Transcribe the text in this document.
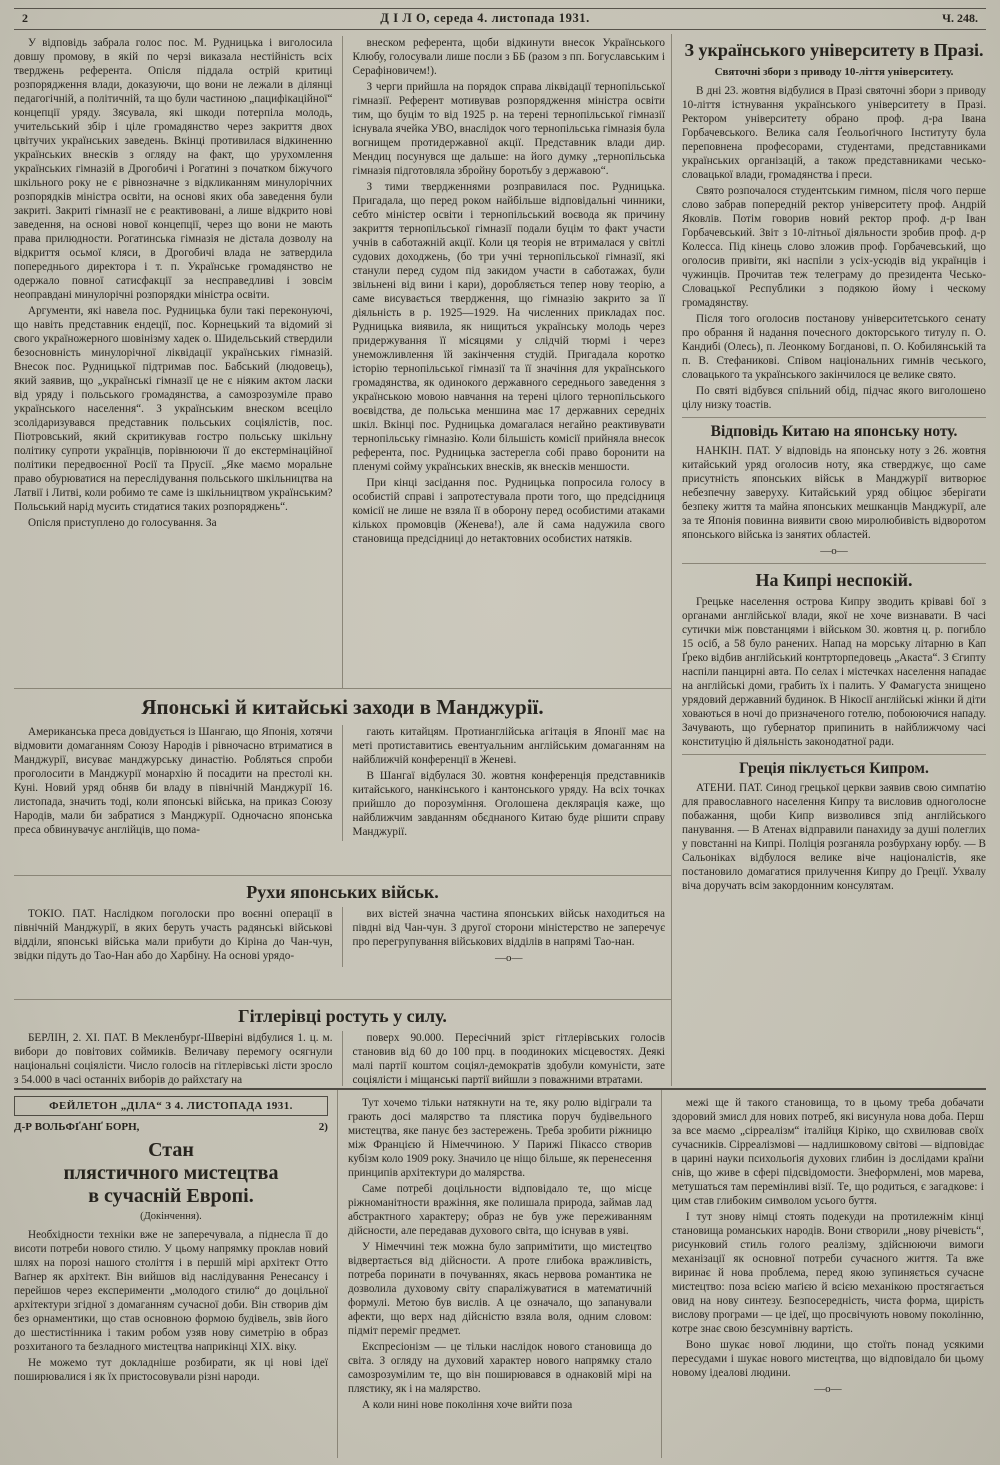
2	Д І Л О, середа 4. листопада 1931.	Ч. 248.

У відповідь забрала голос пос. М. Рудницька і виголосила довшу промову, в якій по черзі виказала нестійність всіх тверджень референта. Опісля піддала острій критиці розпорядження влади, доказуючи, що вони не лежали в ділянці педагогічній, а політичній, та що були частиною „пацифікаційної“ концепції уряду. Зясувала, які шкоди потерпіла молодь, учительський збір і ціле громадянство через закриття двох цвітучих українських заведень. Вкінці противилася відкиненню українських внесків з огляду на факт, що урухомлення українських гімназій в Дрогобичі і Рогатині з початком біжучого шкільного року не є рівнозначне з відкликанням минулорічних розпорядків міністра освіти, на основі яких оба заведення були закриті. Закриті гімназії не є реактивовані, а лише відкрито нові заведення, на основі нової концепції, через що вони не мають права прилюдности. Рогатинська гімназія не дістала дозволу на відкриття осьмої кляси, в Дрогобичі влада не затвердила попереднього директора і т. п. Українське громадянство не одержало повної сатисфакції за несправедливі і зовсім неоправдані минулорічні розпорядки міністра освіти.

Аргументи, які навела пос. Рудницька були такі переконуючі, що навіть представник ендеції, пос. Корнецький та відомий зі свого україножерного шовінізму хадек о. Шидельський ствердили безосновність минулорічної ліквідації українських гімназій. Внесок пос. Рудницької підтримав пос. Бабський (людовець), який заявив, що „українські гімназії це не є ніяким актом ласки від уряду і польського громадянства, а самозрозуміле право українського населення“. З українським внеском всеціло зсолідаризувався представник польських соціялістів, пос. Піотровський, який скритикував гостро польську шкільну політику супроти українців, порівнюючи її до екстермінаційної політики передвоєнної Росії та Прусії. „Яке маємо моральне право обурюватися на переслідування польського шкільництва на Латвії і Литві, коли робимо те саме із шкільництвом українським? Польський нарід мусить стидатися таких розпоряджень“.

Опісля приступлено до голосування. За

внеском референта, щоби відкинути внесок Українського Клюбу, голосували лише посли з ББ (разом з пп. Богуславським і Серафіновичем!).

З черги прийшла на порядок справа ліквідації тернопільської гімназії. Референт мотивував розпорядження міністра освіти тим, що буцім то від 1925 р. на терені тернопільської гімназії існувала ячейка УВО, внаслідок чого тернопільська гімназія була вогнищем протидержавної акції. Представник влади дир. Мендиц посунувся ще дальше: на його думку „тернопільська гімназія підготовляла збройну боротьбу з державою“.

З тими твердженнями розправилася пос. Рудницька. Пригадала, що перед роком найбільше відповідальні чинники, себто міністер освіти і тернопільський воєвода як причину закриття тернопільської гімназії подали буцім то факт участи учнів в саботажній акції. Коли ця теорія не втрималася у світлі судових доходжень, (бо три учні тернопільської гімназії, які станули перед судом під закидом участи в саботажах, були звільнені від вини і кари), доробляється тепер нову теорію, а саме висувається твердження, що гімназію закрито за її діяльність в р. 1925—1929. На численних прикладах пос. Рудницька виявила, як нищиться українську молодь через придержування її місяцями у слідчій тюрмі і через унеможливлення їй закінчення студій. Пригадала коротко історію тернопільської гімназії та її значіння для українського громадянства, як одинокого державного середнього заведення з українською мовою навчання на терені цілого тернопільського воєвідства, де польська меншина має 17 державних середніх шкіл. Вкінці пос. Рудницька домагалася негайно реактивувати тернопільську гімназію. Коли більшість комісії прийняла внесок референта, пос. Рудницька застерегла собі право боронити на пленумі сойму українських внесків, як внесків меншости.

При кінці засідання пос. Рудницька попросила голосу в особистій справі і запротестувала проти того, що предсідниця комісії не лише не взяла її в оборону перед особистими атаками кількох промовців (Женева!), але й сама надужила свого становища предсідниці до нетактовних особистих натяків.

Японські й китайські заходи в Манджурії.

Американська преса довідується із Шангаю, що Японія, хотячи відмовити домаганням Союзу Народів і рівночасно втриматися в Манджурії, висуває манджурську династію. Робляться спроби проголосити в Манджурії монархію й посадити на престолі кн. Куні. Новий уряд обняв би владу в північній Манджурії 16. листопада, значить тоді, коли японські війська, на приказ Союзу Народів, мали би забратися з Манджурії. Одночасно японська преса обвинувачує англійців, що пома-

гають китайцям. Протианглійська агітація в Японії має на меті протиставитись евентуальним англійським домаганням на найближчій конференції в Женеві.

В Шангаї відбулася 30. жовтня конференція представників китайського, нанкінського і кантонського уряду. На всіх точках прийшло до порозуміння. Оголошена деклярація каже, що найближчим завданням обєднаного Китаю буде рішити справу Манджурії.

Рухи японських військ.

ТОКІО. ПАТ. Наслідком поголоски про воєнні операції в північній Манджурії, в яких беруть участь радянські військові відділи, японські війська мали прибути до Кіріна до Чан-чун, звідки підуть до Тао-Нан або до Харбіну. На основі урядо-

вих вістей значна частина японських військ находиться на півдні від Чан-чун. З другої сторони міністерство не заперечує про перегрупування військових відділів в напрямі Тао-нан.

—о—

Гітлерівці ростуть у силу.

БЕРЛІН, 2. XI. ПАТ. В Мекленбурґ-Шверіні відбулися 1. ц. м. вибори до повітових соймиків. Величаву перемогу осягнули національні соціялісти. Число голосів на гітлерівські лісти зросло з 54.000 в часі останніх виборів до райхстаґу на

поверх 90.000. Пересічний зріст гітлерівських голосів становив від 60 до 100 прц. в поодиноких місцевостях. Деякі малі партії коштом соціял-демократів здобули комуністи, зате соціялісти і міщанські партії вийшли з поважними втратами.

З українського університету в Празі.

Святочні збори з приводу 10-ліття університету.

В дні 23. жовтня відбулися в Празі святочні збори з приводу 10-ліття істнування українського університету в Празі. Ректором університету обрано проф. д-ра Івана Горбачевського. Велика саля Ґеольоґічного Інституту була переповнена професорами, студентами, представниками українських організацій, а також представниками чесько-словацької влади, громадянства і преси.

Свято розпочалося студентським гимном, після чого перше слово забрав попередній ректор університету проф. Андрій Яковлів. Потім говорив новий ректор проф. д-р Іван Горбачевський. Звіт з 10-літньої діяльности зробив проф. д-р Колесса. Під кінець слово зложив проф. Горбачевський, що оголосив привіти, які наспіли з усіх-усюдів від українців і чужинців. Прочитав теж телеграму до президента Чесько-Словацької Республики з подякою йому і ческому громадянству.

Після того оголосив постанову університетського сенату про обрання й надання почесного докторського титулу п. О. Кандибі (Олесь), п. Леонкому Богданові, п. О. Кобилянській та п. В. Стефаникові. Співом національних гимнів чеського, словацького та українського закінчилося це велике свято.

По святі відбувся спільний обід, підчас якого виголошено цілу низку тоастів.

Відповідь Китаю на японську ноту.

НАНКІН. ПАТ. У відповідь на японську ноту з 26. жовтня китайський уряд оголосив ноту, яка стверджує, що саме присутність японських військ в Манджурії витворює небезпечну заверуху. Китайський уряд обіцює зберігати безпеку життя та майна японських мешканців Манджурії, але за те Японія повинна виявити свою миролюбивість відворотом японського війська із занятих областей.

—о—

На Кипрі неспокій.

Грецьке населення острова Кипру зводить кріваві бої з органами англійської влади, якої не хоче визнавати. В часі сутички між повстанцями і військом 30. жовтня ц. р. погибло 15 осіб, а 58 було ранених. Напад на морську літарню в Кап Ґреко відбив англійський контрторпедовець „Акаста“. З Єгипту наспіли панцирні авта. По селах і містечках населення нападає на англійські доми, грабить їх і палить. У Фамагуста знищено урядовий державний будинок. В Нікосії англійські жінки й діти ховаються в ночі до призначеного готелю, побоюючися нападу. Зачувають, що ґубернатор припинить в найближчому часі конституцію й діяльність законодатної ради.

Греція піклується Кипром.

АТЕНИ. ПАТ. Синод грецької церкви заявив свою симпатію для православного населення Кипру та висловив одноголосне побажання, щоби Кипр визволився зпід англійського панування. — В Атенах відправили панахиду за душі полеглих у повстанні на Кипрі. Поліція розганяла розбурхану юрбу. — В Сальоніках відбулося велике віче націоналістів, яке постановило домагатися прилучення Кипру до Греції. Ухвалу віча доручать всім закордонним консулятам.

ФЕЙЛЕТОН „ДІЛА“ З 4. ЛИСТОПАДА 1931.
Д-Р ВОЛЬФҐАНҐ БОРН,	2)
Стан
плястичного мистецтва
в сучасній Европі.

(Докінчення).

Необхідности техніки вже не заперечувала, а піднесла її до висоти потреби нового стилю. У цьому напрямку проклав новий шлях на порозі нашого століття і в першій мірі архітект Отто Ваґнер як архітект. Він вийшов від наслідування Ренесансу і перейшов через експерименти „молодого стилю“ до доцільної архітектури згідної з домаганням сучасної доби. Він створив дім без орнаментики, що став основною формою будівель, звів його до шестистінника і таким робом узяв нову симетрію в образ розхитаного та безладного мистецтва наприкінці XIX. віку.

Не можемо тут докладніше розбирати, як ці нові ідеї поширювалися і як їх пристосовували різні народи.

Тут хочемо тільки натякнути на те, яку ролю відіграли та грають досі малярство та плястика поруч будівельного мистецтва, яке панує без застережень. Треба зробити ріжницю між Францією й Німеччиною. У Парижі Пікассо створив кубізм коло 1909 року. Значило це ніщо більше, як перенесення принципів архітектури до малярства.

Саме потребі доцільности відповідало те, що місце ріжноманітности вражіння, яке полишала природа, займав лад абстрактного характеру; образ не був уже переживанням дійсности, але передавав духового світа, що існував в уяві.

У Німеччині теж можна було запримітити, що мистецтво відвертається від дійсности. А проте глибока вражливість, потреба поринати в почуваннях, якась нервова романтика не дозволила духовому світу спараліжуватися в математичній формулі. Метою був вислів. А це означало, що запанували афекти, що верх над дійсністю взяла воля, одним словом: підміт переміг предмет.

Експресіонізм — це тільки наслідок нового становища до світа. З огляду на духовий характер нового напрямку стало самозрозумілим те, що він поширювався в однаковій мірі на плястику, як і на малярство.

А коли нині нове покоління хоче вийти поза

межі ще й такого становища, то в цьому треба добачати здоровий змисл для нових потреб, які висунула нова доба. Перш за все маємо „сірреалізм“ італійця Кіріко, що схвилював своїх сучасників. Сірреалізмові — надлишковому світові — відповідає в царині науки психольоґія духових глибин із дослідами країни снів, що живе в сфері підсвідомости. Знеформлені, мов марева, метушаться там перемінливі візії. Те, що родиться, є загадкове: і цим став глибоким символом усього буття.

І тут знову німці стоять подекуди на протилежнім кінці становища романських народів. Вони створили „нову річевість“, рисунковий стиль голого реалізму, здійснюючи вимоги механізації як основної потреби сучасного життя. Та вже виринає й нова проблема, перед якою зупиняється сучасне мистецтво: поза всією маґією й всією механікою простягається овид на нову синтезу. Безпосередність, чиста форма, щирість вислову програми — це ідеї, що просвічують новому поколінню, котре знає свою безсумнівну вартість.

Воно шукає нової людини, що стоїть понад усякими пересудами і шукає нового мистецтва, що відповідало би цьому новому ідеалові людини.

—о—
